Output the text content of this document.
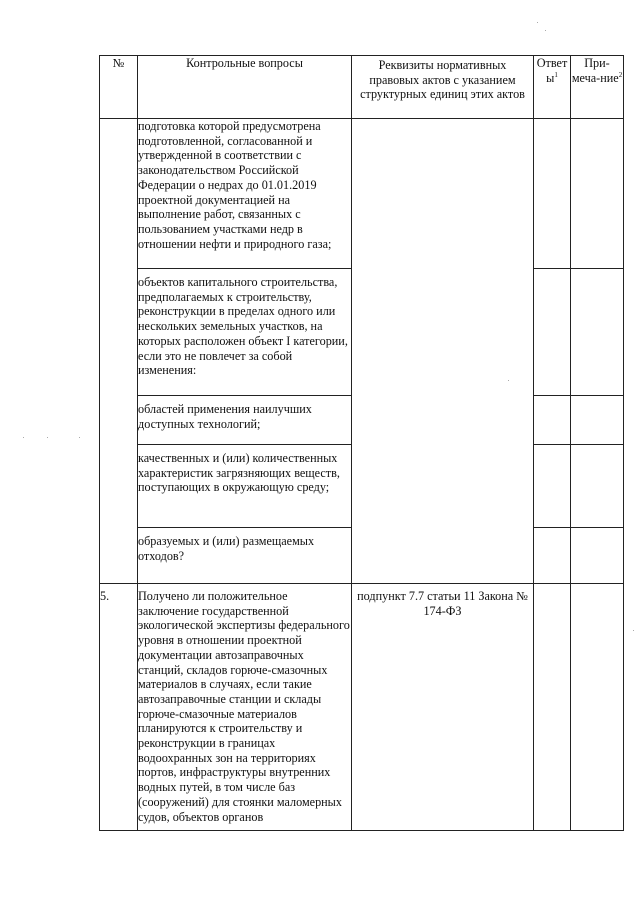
№	Контрольные вопросы	Реквизиты нормативных правовых актов с указанием структурных единиц этих актов	Ответ $ы^1$	При-меча-ние$^2$
	подготовка которой предусмотрена подготовленной, согласованной и утвержденной в соответствии с законодательством Российской Федерации о недрах до 01.01.2019 проектной документацией на выполнение работ, связанных с пользованием участками недр в отношении нефти и природного газа;			
	объектов капитального строительства, предполагаемых к строительству, реконструкции в пределах одного или нескольких земельных участков, на которых расположен объект I категории, если это не повлечет за собой изменения:			
	областей применения наилучших доступных технологий;			
	качественных и (или) количественных характеристик загрязняющих веществ, поступающих в окружающую среду;			
	образуемых и (или) размещаемых отходов?			
5.	Получено ли положительное заключение государственной экологической экспертизы федерального уровня в отношении проектной документации автозаправочных станций, складов горюче-смазочных материалов в случаях, если такие автозаправочные станции и склады горюче-смазочные материалов планируются к строительству и реконструкции в границах водоохранных зон на территориях портов, инфраструктуры внутренних водных путей, в том числе баз (сооружений) для стоянки маломерных судов, объектов органов	подпункт 7.7 статьи 11 Закона № 174-ФЗ		
